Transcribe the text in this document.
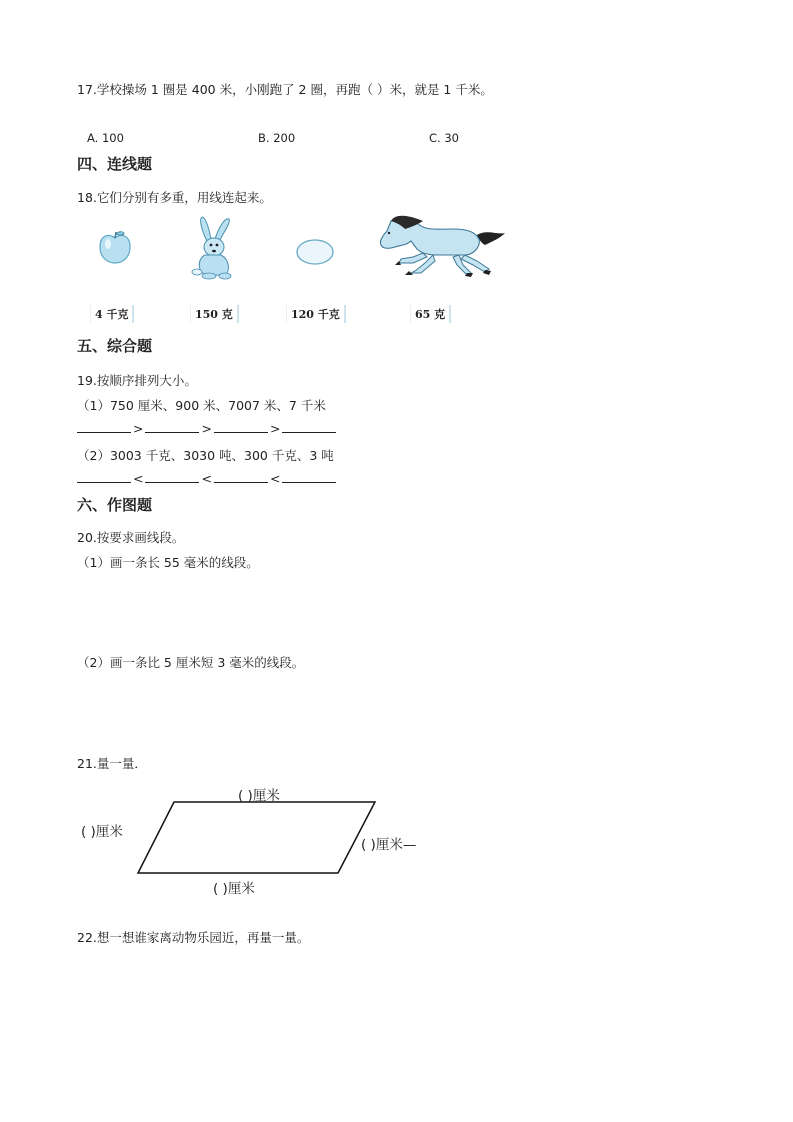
17.学校操场 1 圈是 400 米，小刚跑了 2 圈，再跑（ ）米，就是 1 千米。
A. 100	B. 200	C. 30
四、连线题
18.它们分别有多重，用线连起来。
4 千克	150 克	120 千克	65 克
五、综合题
19.按顺序排列大小。
（1）750 厘米、900 米、7007 米、7 千米
>	>	>
（2）3003 千克、3030 吨、300 千克、3 吨
<	<	<
六、作图题
20.按要求画线段。
（1）画一条长 55 毫米的线段。
（2）画一条比 5 厘米短 3 毫米的线段。
21.量一量．
( )厘米
( )厘米
( )厘米—
( )厘米
22.想一想谁家离动物乐园近，再量一量。
